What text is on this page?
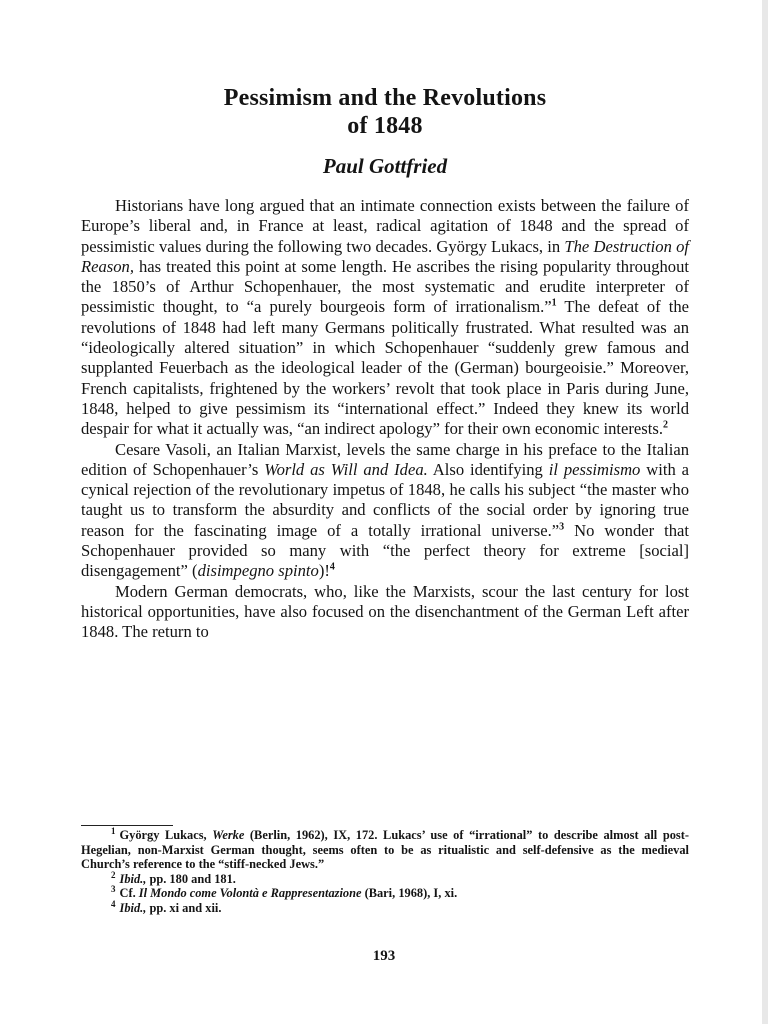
Pessimism and the Revolutions
of 1848
Paul Gottfried

Historians have long argued that an intimate connection exists between the failure of Europe’s liberal and, in France at least, radical agitation of 1848 and the spread of pessimistic values during the following two decades. György Lukacs, in The Destruction of Reason, has treated this point at some length. He ascribes the rising popularity throughout the 1850’s of Arthur Schopenhauer, the most systematic and erudite interpreter of pessimistic thought, to “a purely bourgeois form of irrationalism.”$^1$ The defeat of the revolutions of 1848 had left many Germans politically frustrated. What resulted was an “ideologically altered situation” in which Schopenhauer “suddenly grew famous and supplanted Feuerbach as the ideological leader of the (German) bourgeoisie.” Moreover, French capitalists, frightened by the workers’ revolt that took place in Paris during June, 1848, helped to give pessimism its “international effect.” Indeed they knew its world despair for what it actually was, “an indirect apology” for their own economic interests.$^2$

Cesare Vasoli, an Italian Marxist, levels the same charge in his preface to the Italian edition of Schopenhauer’s World as Will and Idea. Also identifying il pessimismo with a cynical rejection of the revolutionary impetus of 1848, he calls his subject “the master who taught us to transform the absurdity and conflicts of the social order by ignoring true reason for the fascinating image of a totally irrational universe.”$^3$ No wonder that Schopenhauer provided so many with “the perfect theory for extreme [social] disengagement” (disimpegno spinto)!$^4$

Modern German democrats, who, like the Marxists, scour the last century for lost historical opportunities, have also focused on the disenchantment of the German Left after 1848. The return to

$^1$ György Lukacs, Werke (Berlin, 1962), IX, 172. Lukacs’ use of “irrational” to describe almost all post-Hegelian, non-Marxist German thought, seems often to be as ritualistic and self-defensive as the medieval Church’s reference to the “stiff-necked Jews.”

$^2$ Ibid., pp. 180 and 181.

$^3$ Cf. Il Mondo come Volontà e Rappresentazione (Bari, 1968), I, xi.

$^4$ Ibid., pp. xi and xii.

193
